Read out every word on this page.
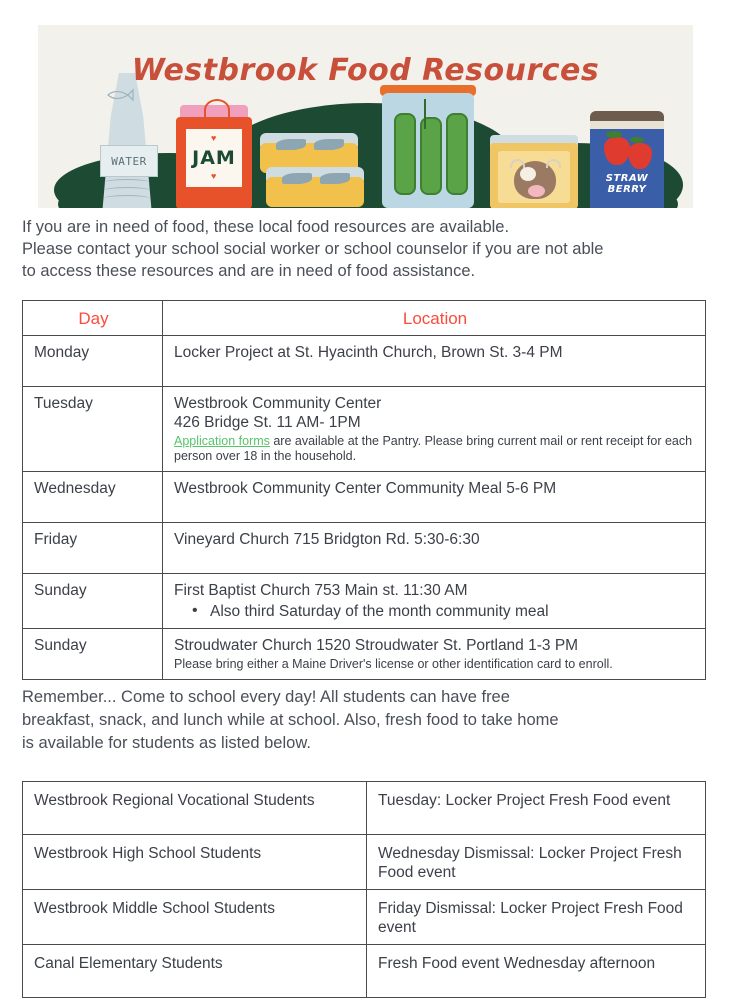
Westbrook Food Resources
WATER	JAM
♥
♥	STRAW
BERRY
If you are in need of food, these local food resources are available.
Please contact your school social worker or school counselor if you are not able
to access these resources and are in need of food assistance.
Day	Location
Monday	Locker Project at St. Hyacinth Church, Brown St. 3-4 PM
Tuesday	Westbrook Community Center
426 Bridge St. 11 AM- 1PM
Application forms are available at the Pantry. Please bring current mail or rent receipt for each person over 18 in the household.

Wednesday	Westbrook Community Center Community Meal 5-6 PM
Friday	Vineyard Church 715 Bridgton Rd. 5:30-6:30
Sunday	First Baptist Church 753 Main st. 11:30 AM
• Also third Saturday of the month community meal

Sunday	Stroudwater Church 1520 Stroudwater St. Portland 1-3 PM
Please bring either a Maine Driver's license or other identification card to enroll.
Remember... Come to school every day! All students can have free
breakfast, snack, and lunch while at school. Also, fresh food to take home
is available for students as listed below.
Westbrook Regional Vocational Students	Tuesday: Locker Project Fresh Food event
Westbrook High School Students	Wednesday Dismissal: Locker Project Fresh Food event
Westbrook Middle School Students	Friday Dismissal: Locker Project Fresh Food event
Canal Elementary Students	Fresh Food event Wednesday afternoon
